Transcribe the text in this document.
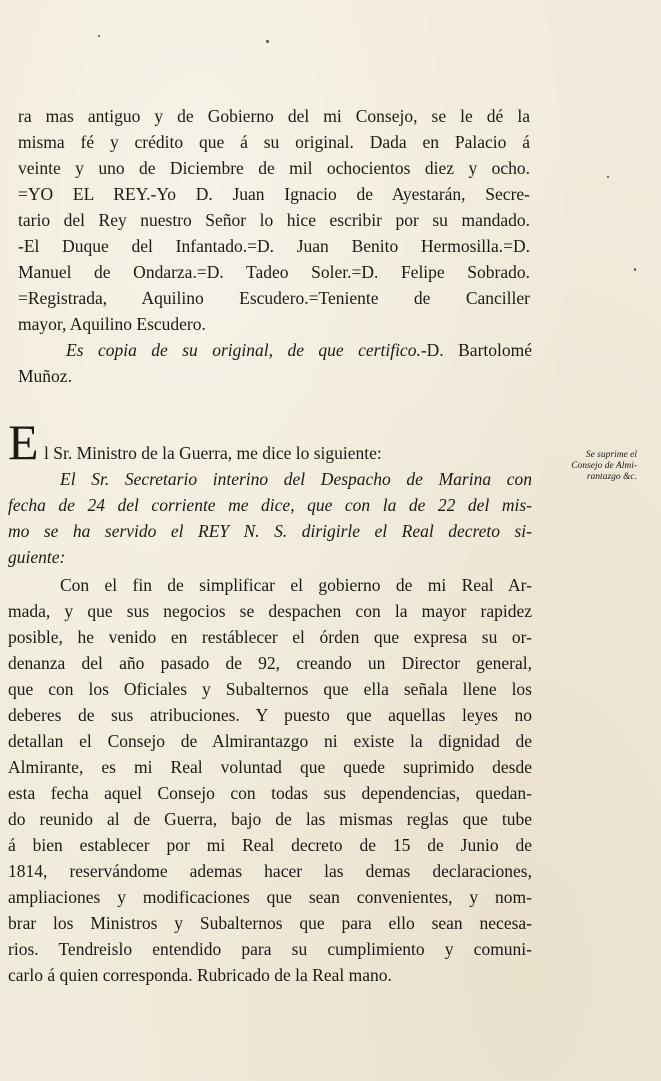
ra mas antiguo y de Gobierno del mi Consejo, se le dé la
misma fé y crédito que á su original. Dada en Palacio á
veinte y uno de Diciembre de mil ochocientos diez y ocho.
=YO EL REY.-Yo D. Juan Ignacio de Ayestarán, Secre-
tario del Rey nuestro Señor lo hice escribir por su mandado.
-El Duque del Infantado.=D. Juan Benito Hermosilla.=D.
Manuel de Ondarza.=D. Tadeo Soler.=D. Felipe Sobrado.
=Registrada, Aquilino Escudero.=Teniente de Canciller
mayor, Aquilino Escudero.
Es copia de su original, de que certifico.-D. Bartolomé
Muñoz.
E l Sr. Ministro de la Guerra, me dice lo siguiente:	Se suprime el
Consejo de Almi-
rantazgo &c.
El Sr. Secretario interino del Despacho de Marina con
fecha de 24 del corriente me dice, que con la de 22 del mis-
mo se ha servido el REY N. S. dirigirle el Real decreto si-
guiente:
Con el fin de simplificar el gobierno de mi Real Ar-
mada, y que sus negocios se despachen con la mayor rapidez
posible, he venido en restáblecer el órden que expresa su or-
denanza del año pasado de 92, creando un Director general,
que con los Oficiales y Subalternos que ella señala llene los
deberes de sus atribuciones. Y puesto que aquellas leyes no
detallan el Consejo de Almirantazgo ni existe la dignidad de
Almirante, es mi Real voluntad que quede suprimido desde
esta fecha aquel Consejo con todas sus dependencias, quedan-
do reunido al de Guerra, bajo de las mismas reglas que tube
á bien establecer por mi Real decreto de 15 de Junio de
1814, reservándome ademas hacer las demas declaraciones,
ampliaciones y modificaciones que sean convenientes, y nom-
brar los Ministros y Subalternos que para ello sean necesa-
rios. Tendreislo entendido para su cumplimiento y comuni-
carlo á quien corresponda. Rubricado de la Real mano.
